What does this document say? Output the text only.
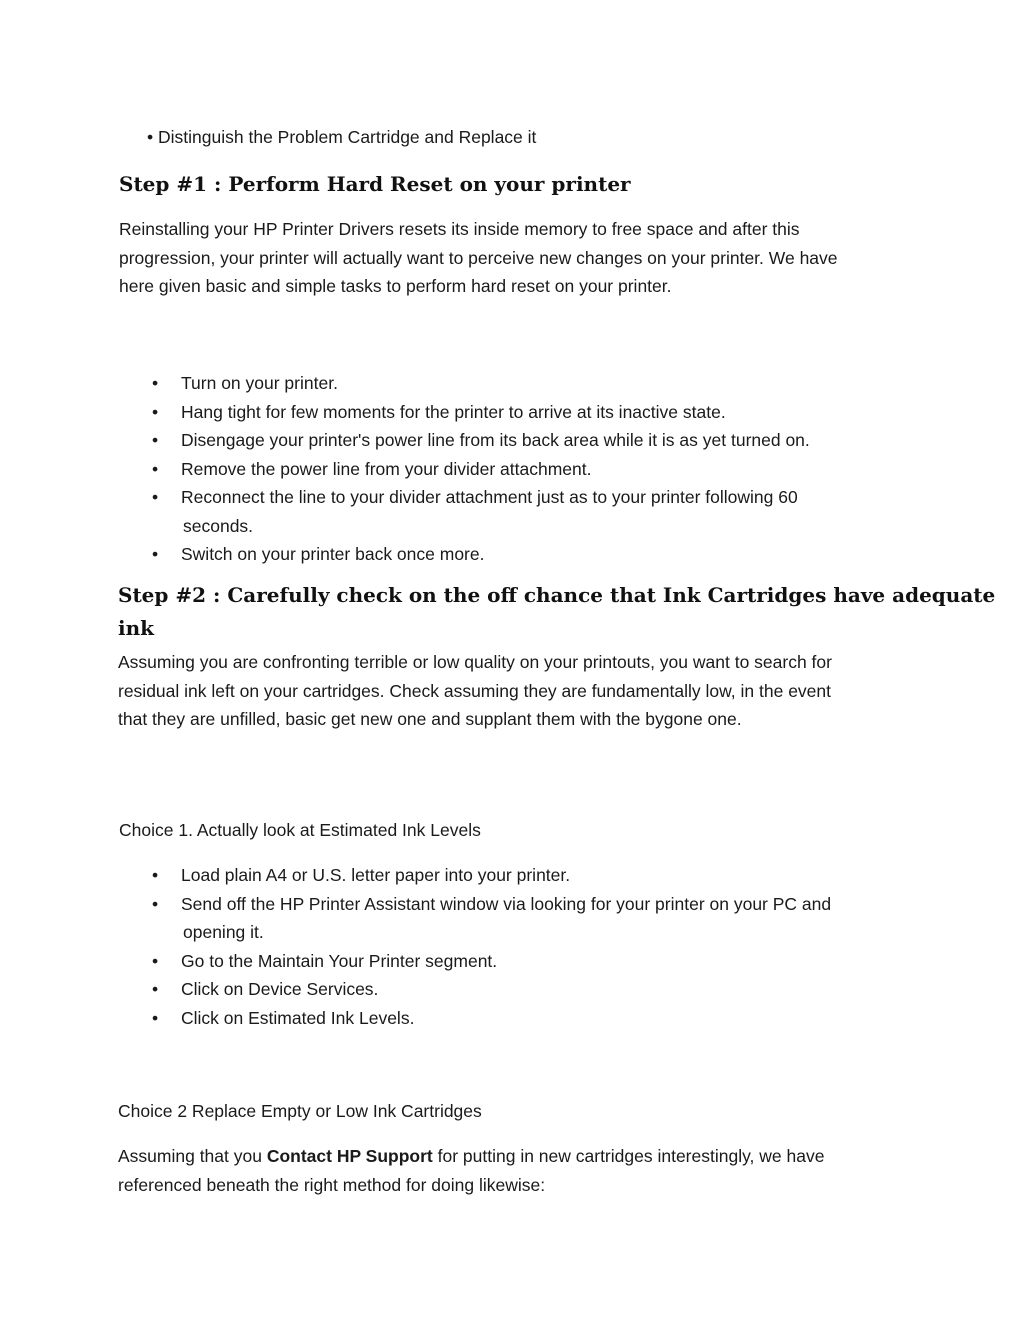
• Distinguish the Problem Cartridge and Replace it
Step #1 : Perform Hard Reset on your printer
Reinstalling your HP Printer Drivers resets its inside memory to free space and after this
progression, your printer will actually want to perceive new changes on your printer. We have
here given basic and simple tasks to perform hard reset on your printer.
•	Turn on your printer.
•	Hang tight for few moments for the printer to arrive at its inactive state.
•	Disengage your printer's power line from its back area while it is as yet turned on.
•	Remove the power line from your divider attachment.
•	Reconnect the line to your divider attachment just as to your printer following 60
seconds.
•	Switch on your printer back once more.
Step #2 : Carefully check on the off chance that Ink Cartridges have adequate
ink
Assuming you are confronting terrible or low quality on your printouts, you want to search for
residual ink left on your cartridges. Check assuming they are fundamentally low, in the event
that they are unfilled, basic get new one and supplant them with the bygone one.
Choice 1. Actually look at Estimated Ink Levels
•	Load plain A4 or U.S. letter paper into your printer.
•	Send off the HP Printer Assistant window via looking for your printer on your PC and
opening it.
•	Go to the Maintain Your Printer segment.
•	Click on Device Services.
•	Click on Estimated Ink Levels.
Choice 2 Replace Empty or Low Ink Cartridges
Assuming that you Contact HP Support for putting in new cartridges interestingly, we have
referenced beneath the right method for doing likewise:
